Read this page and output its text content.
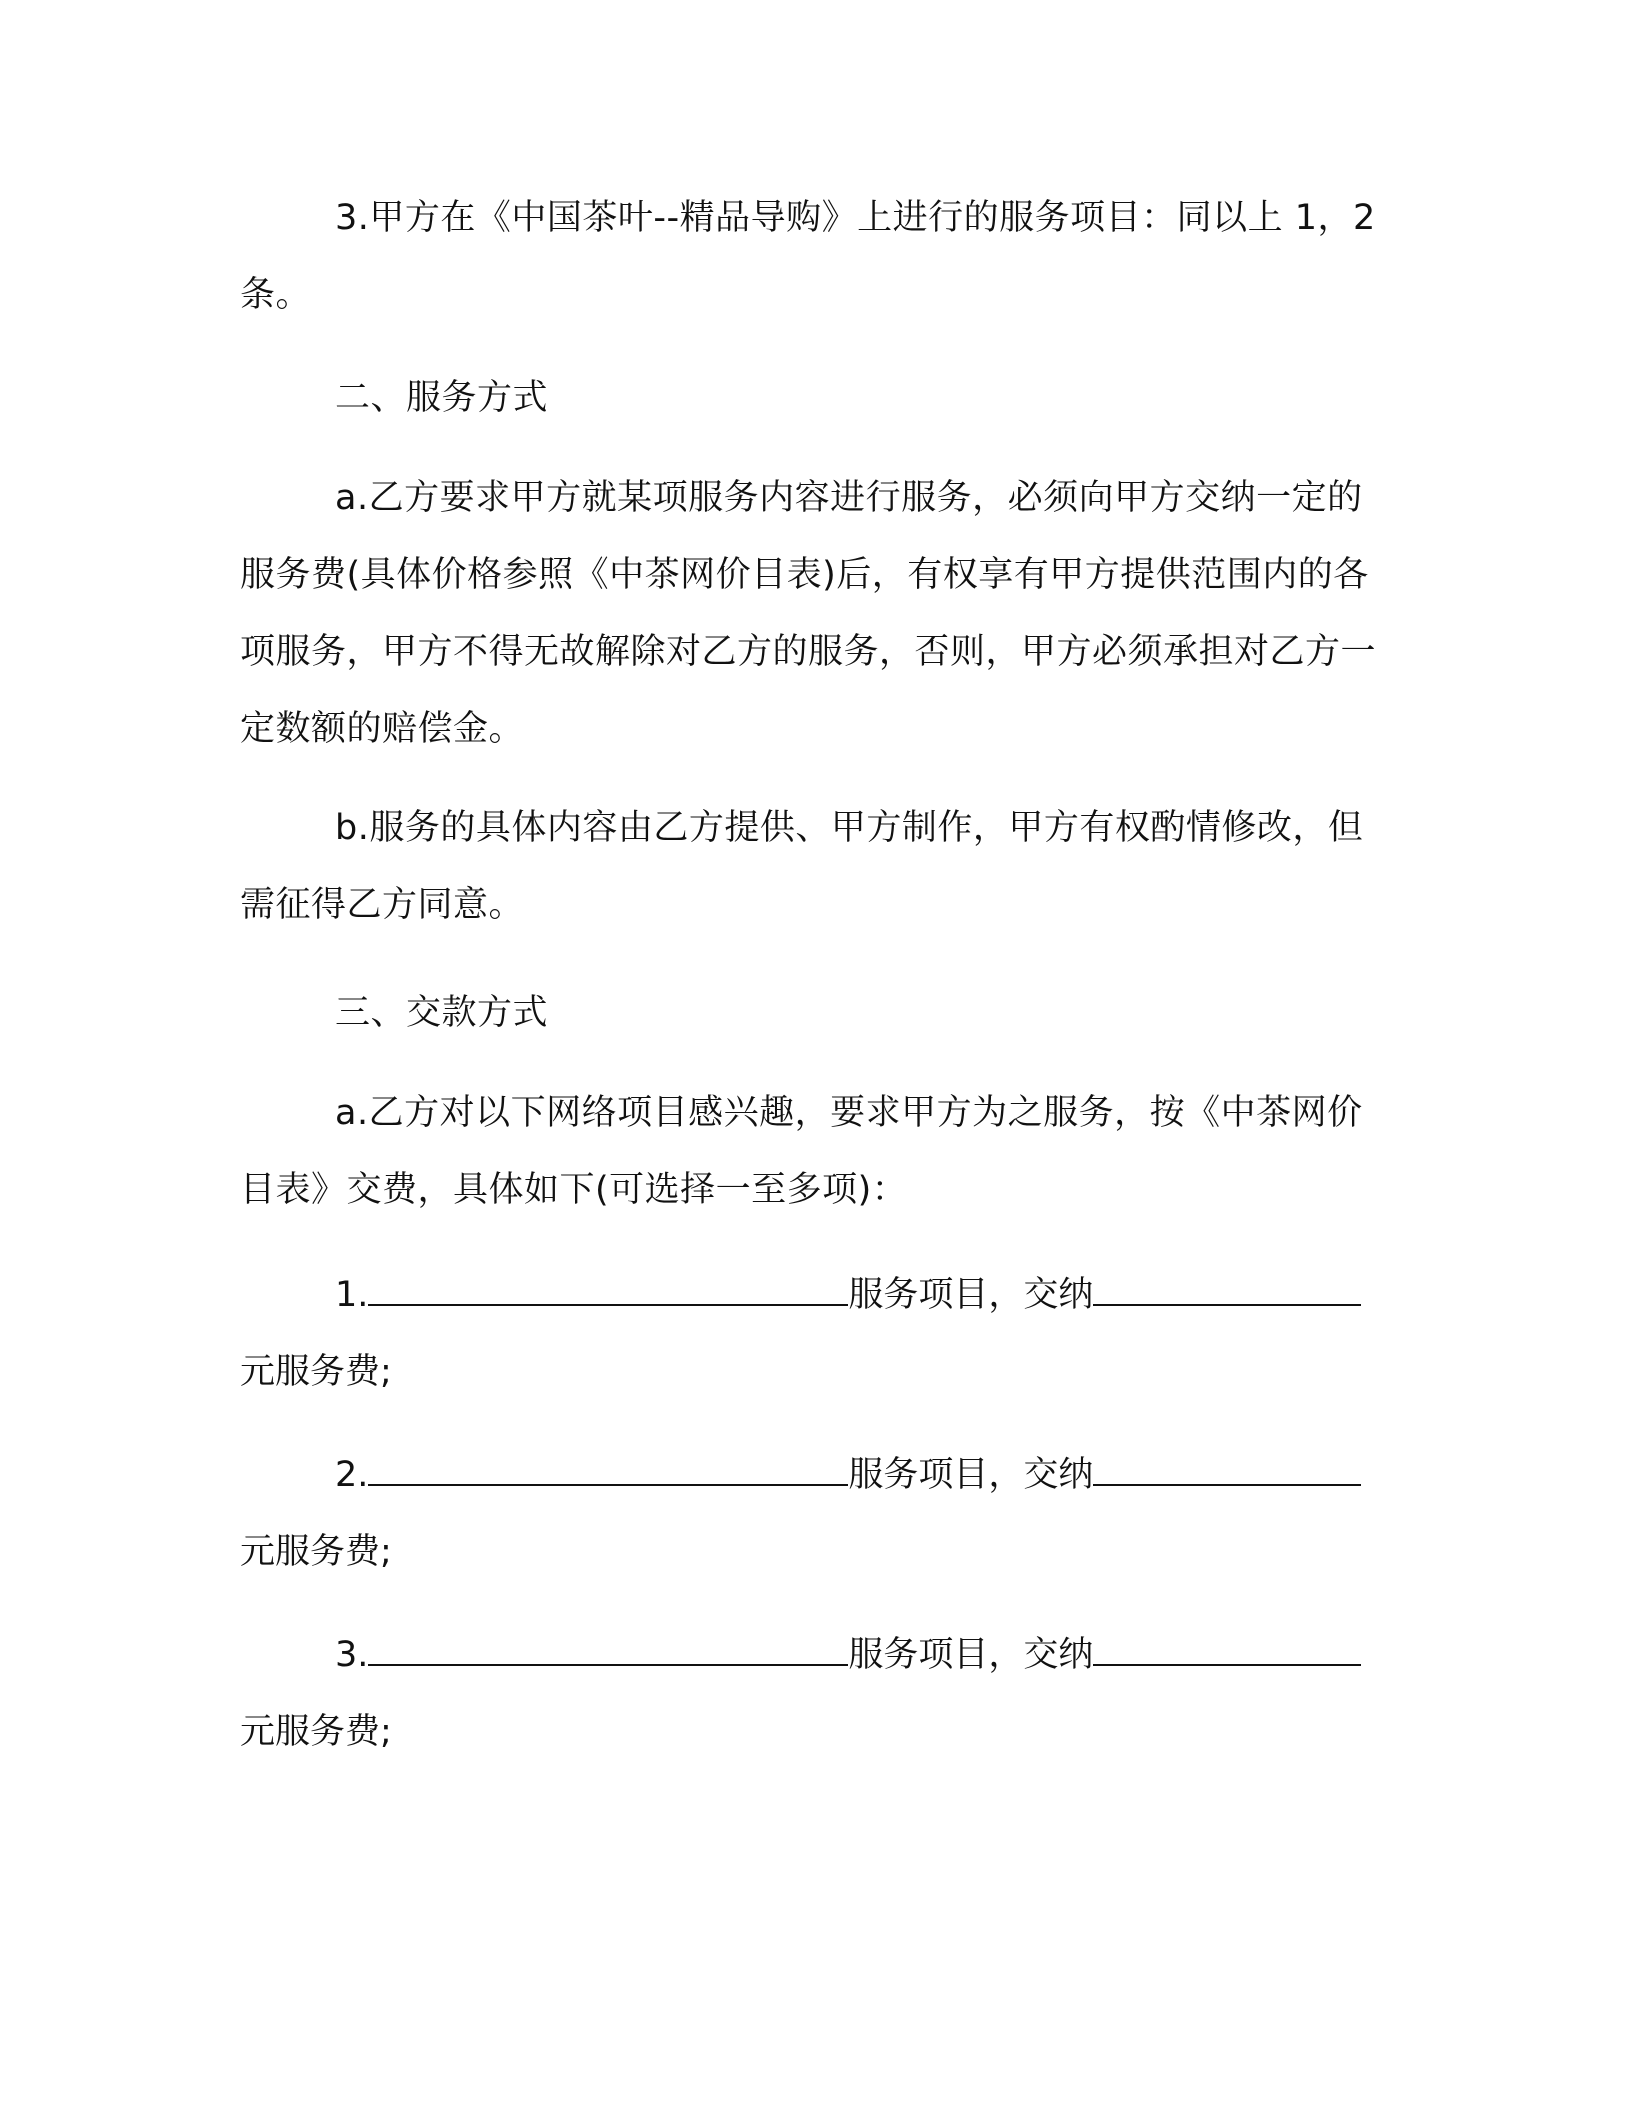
3.甲方在《中国茶叶--精品导购》上进行的服务项目：同以上 1，2 条。

二、服务方式

a.乙方要求甲方就某项服务内容进行服务，必须向甲方交纳一定的服务费(具体价格参照《中茶网价目表)后，有权享有甲方提供范围内的各项服务，甲方不得无故解除对乙方的服务，否则，甲方必须承担对乙方一定数额的赔偿金。

b.服务的具体内容由乙方提供、甲方制作，甲方有权酌情修改，但需征得乙方同意。

三、交款方式

a.乙方对以下网络项目感兴趣，要求甲方为之服务，按《中茶网价目表》交费，具体如下(可选择一至多项)：

1.	服务项目，交纳
元服务费;
2.	服务项目，交纳
元服务费;
3.	服务项目，交纳
元服务费;
